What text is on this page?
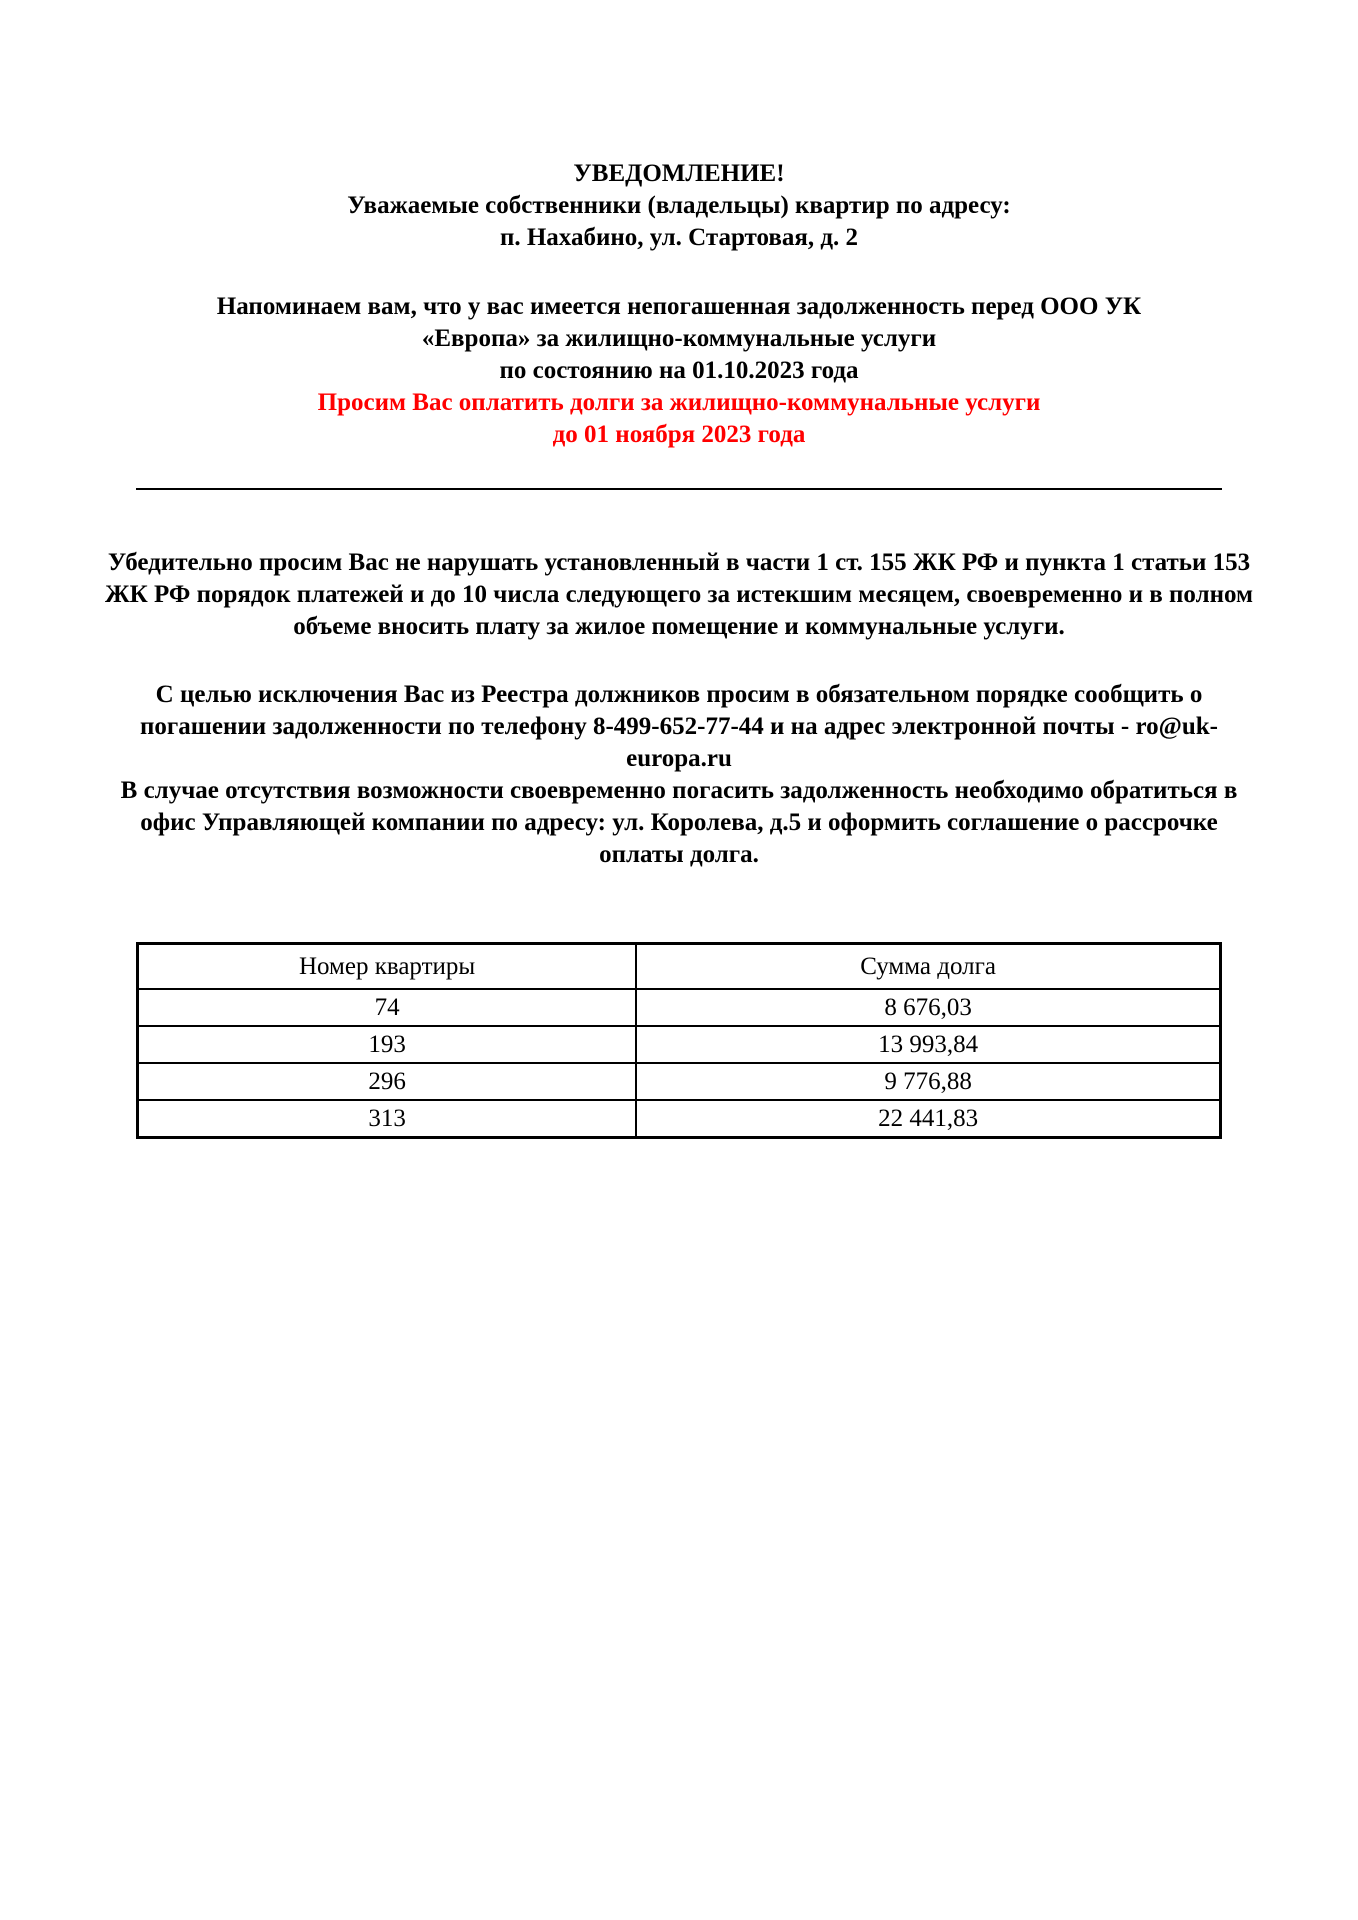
УВЕДОМЛЕНИЕ!
Уважаемые собственники (владельцы) квартир по адресу:
п. Нахабино, ул. Стартовая, д. 2
Напоминаем вам, что у вас имеется непогашенная задолженность перед ООО УК
«Европа» за жилищно-коммунальные услуги
по состоянию на 01.10.2023 года
Просим Вас оплатить долги за жилищно-коммунальные услуги
до 01 ноября 2023 года
Убедительно просим Вас не нарушать установленный в части 1 ст. 155 ЖК РФ и пункта 1 статьи 153
ЖК РФ порядок платежей и до 10 числа следующего за истекшим месяцем, своевременно и в полном
объеме вносить плату за жилое помещение и коммунальные услуги.
С целью исключения Вас из Реестра должников просим в обязательном порядке сообщить о
погашении задолженности по телефону 8-499-652-77-44 и на адрес электронной почты - ro@uk-
europa.ru
В случае отсутствия возможности своевременно погасить задолженность необходимо обратиться в
офис Управляющей компании по адресу: ул. Королева, д.5 и оформить соглашение о рассрочке
оплаты долга.
Номер квартиры	Сумма долга
74	8 676,03
193	13 993,84
296	9 776,88
313	22 441,83
